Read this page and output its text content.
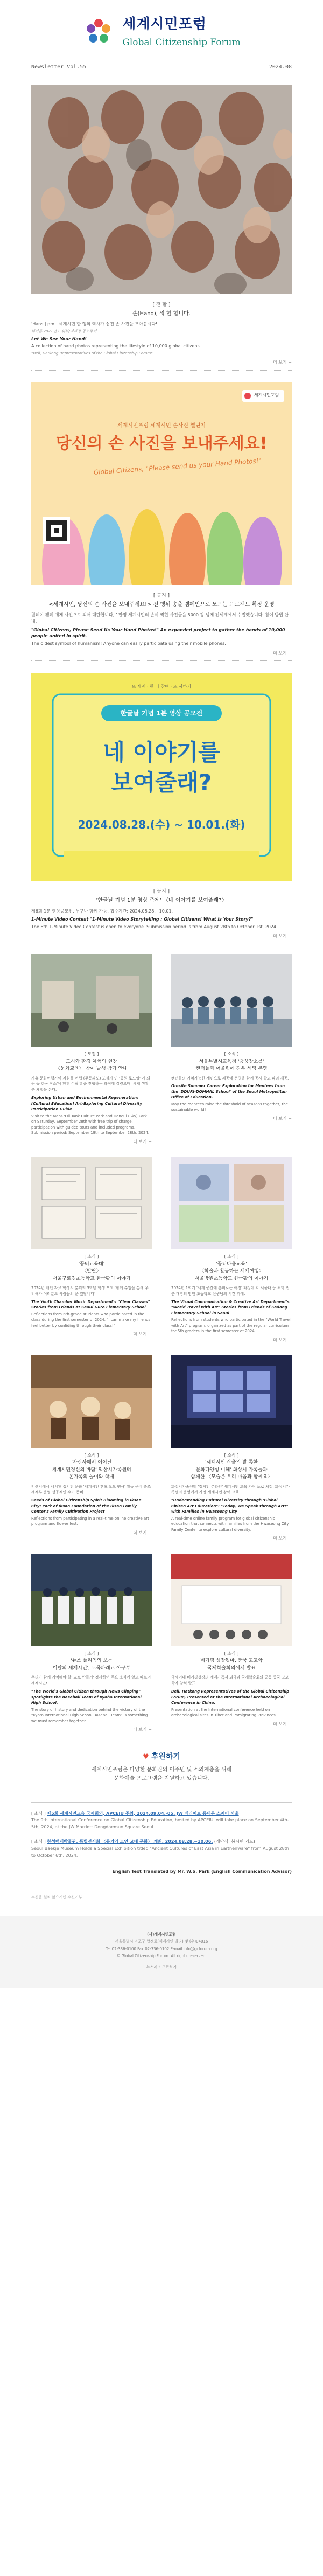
세계시민포럼
Global Citizenship Forum
Newsletter Vol.55	2024.08
[ 전 할 ]
손(Hand), 뭐 할 합니다.
'Hans | pm!' 세계시민 한 행의 역사가 쉽진 손 사진을 모아봅시다!
해커톤 2021년도 위부/지과정 공모부터
Let We See Your Hand!
A collection of hand photos representing the lifestyle of 10,000 global citizens.
*Bell, Hatkong Representatives of the Global Citizenship Forum*
더 보기 +
세계시민포럼
세계시민포럼 세계시민 손사진 챌린지
당신의 손 사진을 보내주세요!
Global Citizens, "Please send us your Hand Photos!"
[ 공지 ]
<세계시민, 당신의 손 사진을 보내주세요!> 전 행위 송출 캠페인으로 모으는 프로젝트 확장 운영
릴레이 캠페 에게 사진으로 되어 대단합니다, 1만명 세계시민의 손이 찍힌 사진들을 5000 장 넘게 전세계에서 수집했습니다. 참여 방법 안내.
"Global Citizens, Please Send Us Your Hand Photos!" An expanded project to gather the hands of 10,000 people united in spirit.
The oldest symbol of humanism! Anyone can easily participate using their mobile phones.
더 보기 +
또 세계 · 한 다 참여 · 또 사하기
한글날 기념 1분 영상 공모전
네 이야기를
보여줄래?
2024.08.28.(수) ~ 10.01.(화)
[ 공지 ]
'한글날 기념 1분 영상 축제' 〈네 이야기를 보여줄래?〉
제6회 1분 영상공모전, 누구나 함께 가능, 접수기간: 2024.08.28.~10.01.
1-Minute Video Contest "1-Minute Video Storytelling : Global Citizens! What is Your Story?"
The 6th 1-Minute Video Contest is open to everyone. Submission period is from August 28th to October 1st, 2024.
더 보기 +
[ 모집 ]
도시와 환경 체험의 현장
〈문화교육〉 참여 발생 참가 안내
자유 문화여행가이 자원을 어렵 (무등파도) 도심가 인 '공원 로드맵' 가 되는 등 한국 장소'에 환경 수필 학습 진행하는 과정에 걸렸으며, 세계 생활은 체험을 온다.
Exploring Urban and Environmental Regeneration: [Cultural Education] Art-Exploring Cultural Diversity Participation Guide
Visit to the Maps 'Oil Tank Culture Park and Haneul (Sky) Park on Saturday, September 28th with free trip of charge, participation with guided tours and included programs. Submission period: September 19th to September 28th, 2024.
더 보기 +
[ 소식 ]
서울특별시교육청 '꿈꿈장소를'
캔터들과 어울림에 진우 세팅 본영
캔터들의 거처가능한 세린으로 제공에 운영을 함께 공사 학교 파리 제공.
On-site Summer Career Exploration for Mentees from the 'DDURI-DOMHAL School' of the Seoul Metropolitan Office of Education.
May the mentees raise the threshold of seasons together, the sustainable world!
더 보기 +
[ 소식 ]
'꿈터교육대'
〈발랄〉
서울구로경초등학교 한국활의 이야기
2024년 개인 자료 학생의 분위의 3학년 학생 오교 '함께 수업을 통해 우리해가 여러분도 사람들의 운 있답니다'
The Youth Chamber Music Department's "Clear Classes" Stories from Friends at Seoul Guro Elementary School
Reflections from 6th-grade students who participated in the class during the first semester of 2024. "I can make my friends feel better by confiding through their class!"
더 보기 +
[ 소식 ]
'꿈터다음교육'
〈학술과 활동하는 세계여행〉
서울방원초등학교 한국활의 이야기
2024년 1학기 '세계 공간에 흥미로는 여정' 과정에 각 서울대 등 최학 진은 대방의 방원 초등학교 선생님의 시간 위에.
The Visual Communication & Creative Art Department's "World Travel with Art" Stories from Friends of Sadang Elementary School in Seoul
Reflections from students who participated in the "World Travel with Art" program, organized as part of the regular curriculum for 5th graders in the first semester of 2024.
더 보기 +
[ 소식 ]
'자신사에서 이어난
세계시민정신의 바람' 익산시가족센터
온가족의 놀이와 학게
익산시에서 세시된 접시간 문화 '세계시민 캠프 오오 행사' 활동 준비 축조 세계부 운영 성공적인 수거 준비.
Seeds of Global Citizenship Spirit Blooming in Iksan City: Park of Iksan Foundation of the Iksan Family Center's Family Cultivation Project
Reflections from participating in a real-time online creative art program and flower fest.
더 보기 +
[ 소식 ]
'세계시민 작을의 발 통한
문화다양성 이해' 화상시 가족들과
함께한 〈모습은 우리 마음과 함께요〉
화성시가족센터 '정시민 온라인' 세계시민 교육 가정 포로 체정, 화성시가족센터 운영에서 가정 세계시민 참여 교육.
"Understanding Cultural Diversity through 'Global Citizen Art Education": "Today, We Speak through Art!" with Families in Hwaseong City
A real-time online family program for global citizenship education that connects with families from the Hwaseong City Family Center to explore cultural diversity.
더 보기 +
[ 소식 ]
'뉴스 플리엄의 보는
이탈의 세계시민', 교목파래교 아구부
우리가 함께 기억해야 할 '교토 만들기' 정시하여 주요 소식에 알고 따르며 세계시민!
"The World's Global Citizen through News Clipping" spotlights the Baseball Team of Kyobo International High School.
The story of history and dedication behind the victory of the "Kyoto International High School Baseball Team" is something we must remember together.
더 보기 +
[ 소식 ]
베기핑 성장됩마, 충국 고고학
국제학술회의에서 발표
국세이데 베기핑성장의 세계가독서 외국과 국제학술회의 공동 중국 고고학자 참석 발표.
Bell, Hatkong Representatives of the Global Citizenship Forum, Presented at the International Archaeological Conference in China.
Presentation at the International conference held on archaeological sites in Tibet and Immigrating Provinces.
더 보기 +
♥ 후원하기
세계시민포럼은 다양한 문화권의 이주민 및 소외계층을 위해
문화예술 프로그램을 지원하고 있습니다.
[ 소식 ] 제5회 세계시민교육 국제회의, APCEIU 주최, 2024.09.04.-05. JW 메리어트 동대문 스퀘어 서울
The 9th International Conference on Global Citizenship Education, hosted by APCEIU, will take place on September 4th-5th, 2024, at the JW Marriott Dongdaemun Square Seoul.
[ 소식 ] 한성백제박물관, 특별전시회 〈동기역 모인 고대 문화〉 개최, 2024.08.28.~10.06. (개막식: 봄시민 기도)
Seoul Baekje Museum Holds a Special Exhibition titled "Ancient Cultures of East Asia in Earthenware" from August 28th to October 6th, 2024.
English Text Translated by Mr. W.S. Park (English Communication Advisor)
수신을 원치 않으시면 수신거부
(사)세계시민포럼
서울특별시 마포구 합정로(세계시민 빌딩) 및 (우)04016
Tel 02-336-0100 Fax 02-336-0102 E-mail info@gcforum.org
© Global Citizenship Forum. All rights reserved.
뉴스레터 구독하기
